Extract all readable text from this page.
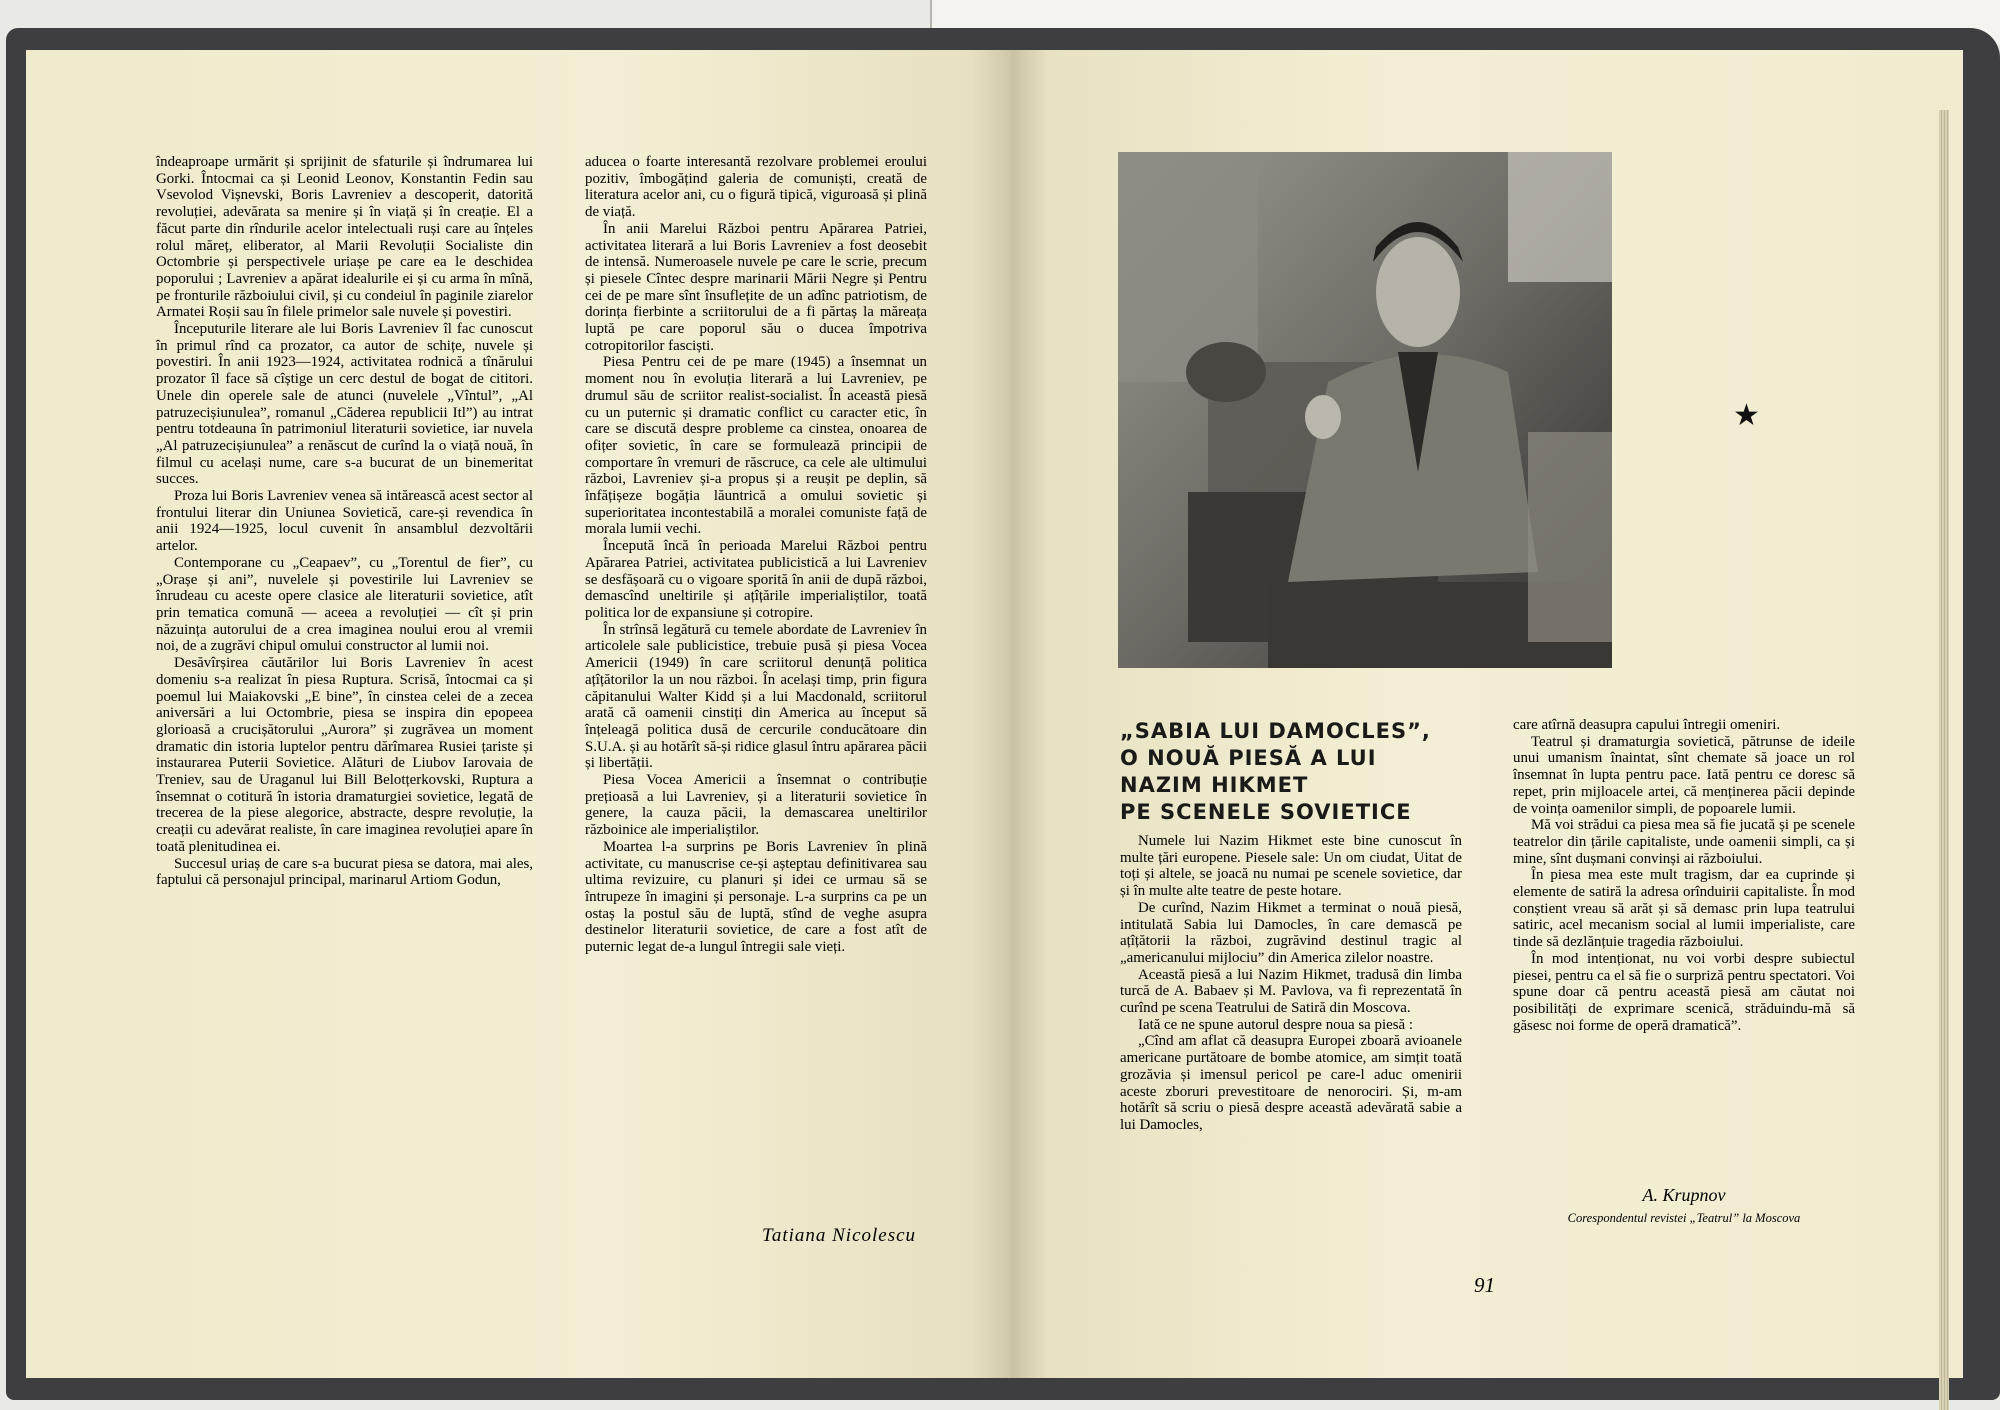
îndeaproape urmărit și sprijinit de sfaturile și îndrumarea lui Gorki. Întocmai ca și Leonid Leonov, Konstantin Fedin sau Vsevolod Vișnevski, Boris Lavreniev a descoperit, datorită revoluției, adevărata sa menire și în viață și în creație. El a făcut parte din rîndurile acelor intelectuali ruși care au înțeles rolul măreț, eliberator, al Marii Revoluții Socialiste din Octombrie și perspectivele uriașe pe care ea le deschidea poporului ; Lavreniev a apărat idealurile ei și cu arma în mînă, pe fronturile războiului civil, și cu condeiul în paginile ziarelor Armatei Roșii sau în filele primelor sale nuvele și povestiri.

Începuturile literare ale lui Boris Lavreniev îl fac cunoscut în primul rînd ca prozator, ca autor de schițe, nuvele și povestiri. În anii 1923—1924, activitatea rodnică a tînărului prozator îl face să cîștige un cerc destul de bogat de cititori. Unele din operele sale de atunci (nuvelele „Vîntul”, „Al patruzecișiunulea”, romanul „Căderea republicii Itl”) au intrat pentru totdeauna în patrimoniul literaturii sovietice, iar nuvela „Al patruzecișiunulea” a renăscut de curînd la o viață nouă, în filmul cu același nume, care s-a bucurat de un binemeritat succes.

Proza lui Boris Lavreniev venea să intărească acest sector al frontului literar din Uniunea Sovietică, care-și revendica în anii 1924—1925, locul cuvenit în ansamblul dezvoltării artelor.

Contemporane cu „Ceapaev”, cu „Torentul de fier”, cu „Orașe și ani”, nuvelele și povestirile lui Lavreniev se înrudeau cu aceste opere clasice ale literaturii sovietice, atît prin tematica comună — aceea a revoluției — cît și prin năzuința autorului de a crea imaginea noului erou al vremii noi, de a zugrăvi chipul omului constructor al lumii noi.

Desăvîrșirea căutărilor lui Boris Lavreniev în acest domeniu s-a realizat în piesa Ruptura. Scrisă, întocmai ca și poemul lui Maiakovski „E bine”, în cinstea celei de a zecea aniversări a lui Octombrie, piesa se inspira din epopeea glorioasă a crucișătorului „Aurora” și zugrăvea un moment dramatic din istoria luptelor pentru dărîmarea Rusiei țariste și instaurarea Puterii Sovietice. Alături de Liubov Iarovaia de Treniev, sau de Uraganul lui Bill Belotțerkovski, Ruptura a însemnat o cotitură în istoria dramaturgiei sovietice, legată de trecerea de la piese alegorice, abstracte, despre revoluție, la creații cu adevărat realiste, în care imaginea revoluției apare în toată plenitudinea ei.

Succesul uriaș de care s-a bucurat piesa se datora, mai ales, faptului că personajul principal, marinarul Artiom Godun,

aducea o foarte interesantă rezolvare problemei eroului pozitiv, îmbogățind galeria de comuniști, creată de literatura acelor ani, cu o figură tipică, viguroasă și plină de viață.

În anii Marelui Război pentru Apărarea Patriei, activitatea literară a lui Boris Lavreniev a fost deosebit de intensă. Numeroasele nuvele pe care le scrie, precum și piesele Cîntec despre marinarii Mării Negre și Pentru cei de pe mare sînt însuflețite de un adînc patriotism, de dorința fierbinte a scriitorului de a fi părtaș la măreața luptă pe care poporul său o ducea împotriva cotropitorilor fasciști.

Piesa Pentru cei de pe mare (1945) a însemnat un moment nou în evoluția literară a lui Lavreniev, pe drumul său de scriitor realist-socialist. În această piesă cu un puternic și dramatic conflict cu caracter etic, în care se discută despre probleme ca cinstea, onoarea de ofițer sovietic, în care se formulează principii de comportare în vremuri de răscruce, ca cele ale ultimului război, Lavreniev și-a propus și a reușit pe deplin, să înfățișeze bogăția lăuntrică a omului sovietic și superioritatea incontestabilă a moralei comuniste față de morala lumii vechi.

Începută încă în perioada Marelui Război pentru Apărarea Patriei, activitatea publicistică a lui Lavreniev se desfășoară cu o vigoare sporită în anii de după război, demascînd uneltirile și ațîțările imperialiștilor, toată politica lor de expansiune și cotropire.

În strînsă legătură cu temele abordate de Lavreniev în articolele sale publicistice, trebuie pusă și piesa Vocea Americii (1949) în care scriitorul denunță politica ațîțătorilor la un nou război. În același timp, prin figura căpitanului Walter Kidd și a lui Macdonald, scriitorul arată că oamenii cinstiți din America au început să înțeleagă politica dusă de cercurile conducătoare din S.U.A. și au hotărît să-și ridice glasul întru apărarea păcii și libertății.

Piesa Vocea Americii a însemnat o contribuție prețioasă a lui Lavreniev, și a literaturii sovietice în genere, la cauza păcii, la demascarea uneltirilor războinice ale imperialiștilor.

Moartea l-a surprins pe Boris Lavreniev în plină activitate, cu manuscrise ce-și așteptau definitivarea sau ultima revizuire, cu planuri și idei ce urmau să se întrupeze în imagini și personaje. L-a surprins ca pe un ostaș la postul său de luptă, stînd de veghe asupra destinelor literaturii sovietice, de care a fost atît de puternic legat de-a lungul întregii sale vieți.

Tatiana Nicolescu
★
„SABIA LUI DAMOCLES”,
O NOUĂ PIESĂ A LUI
NAZIM HIKMET
PE SCENELE SOVIETICE

Numele lui Nazim Hikmet este bine cunoscut în multe țări europene. Piesele sale: Un om ciudat, Uitat de toți și altele, se joacă nu numai pe scenele sovietice, dar și în multe alte teatre de peste hotare.

De curînd, Nazim Hikmet a terminat o nouă piesă, intitulată Sabia lui Damocles, în care demască pe ațîțătorii la război, zugrăvind destinul tragic al „americanului mijlociu” din America zilelor noastre.

Această piesă a lui Nazim Hikmet, tradusă din limba turcă de A. Babaev și M. Pavlova, va fi reprezentată în curînd pe scena Teatrului de Satiră din Moscova.

Iată ce ne spune autorul despre noua sa piesă :

„Cînd am aflat că deasupra Europei zboară avioanele americane purtătoare de bombe atomice, am simțit toată grozăvia și imensul pericol pe care-l aduc omenirii aceste zboruri prevestitoare de nenorociri. Și, m-am hotărît să scriu o piesă despre această adevărată sabie a lui Damocles,

care atîrnă deasupra capului întregii omeniri.

Teatrul și dramaturgia sovietică, pătrunse de ideile unui umanism înaintat, sînt chemate să joace un rol însemnat în lupta pentru pace. Iată pentru ce doresc să repet, prin mijloacele artei, că menținerea păcii depinde de voința oamenilor simpli, de popoarele lumii.

Mă voi strădui ca piesa mea să fie jucată și pe scenele teatrelor din țările capitaliste, unde oamenii simpli, ca și mine, sînt dușmani convinși ai războiului.

În piesa mea este mult tragism, dar ea cuprinde și elemente de satiră la adresa orînduirii capitaliste. În mod conștient vreau să arăt și să demasc prin lupa teatrului satiric, acel mecanism social al lumii imperialiste, care tinde să dezlănțuie tragedia războiului.

În mod intenționat, nu voi vorbi despre subiectul piesei, pentru ca el să fie o surpriză pentru spectatori. Voi spune doar că pentru această piesă am căutat noi posibilități de exprimare scenică, străduindu-mă să găsesc noi forme de operă dramatică”.

A. Krupnov
Corespondentul revistei „Teatrul” la Moscova
91
